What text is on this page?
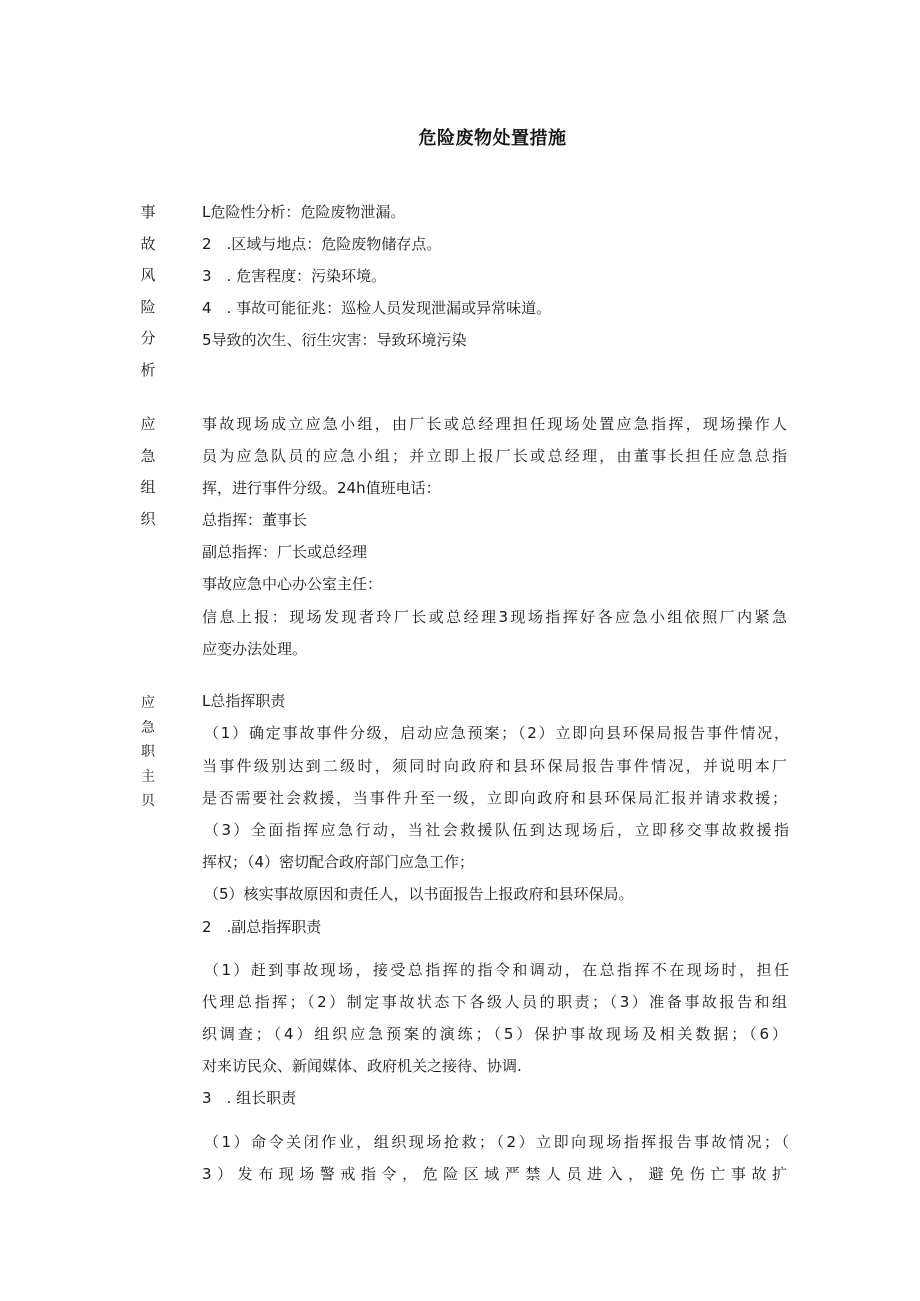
危险废物处置措施
事
故
风
险
分
析
L危险性分析：危险废物泄漏。
2　.区域与地点：危险废物储存点。
3　. 危害程度：污染环境。
4　. 事故可能征兆：巡检人员发现泄漏或异常味道。
5导致的次生、衍生灾害：导致环境污染
应
急
组
织
事故现场成立应急小组，由厂长或总经理担任现场处置应急指挥，现场操作人
员为应急队员的应急小组；并立即上报厂长或总经理，由董事长担任应急总指
挥，进行事件分级。24h值班电话：
总指挥：董事长
副总指挥：厂长或总经理
事故应急中心办公室主任：
信息上报：现场发现者玲厂长或总经理3现场指挥好各应急小组依照厂内紧急
应变办法处理。
应
急
职
主
贝
L总指挥职责
（1）确定事故事件分级，启动应急预案；（2）立即向县环保局报告事件情况，
当事件级别达到二级时，须同时向政府和县环保局报告事件情况，并说明本厂
是否需要社会救援，当事件升至一级，立即向政府和县环保局汇报并请求救援；
（3）全面指挥应急行动，当社会救援队伍到达现场后，立即移交事故救援指
挥权；（4）密切配合政府部门应急工作；
（5）核实事故原因和责任人，以书面报告上报政府和县环保局。
2　.副总指挥职责
（1）赶到事故现场，接受总指挥的指令和调动，在总指挥不在现场时，担任
代理总指挥；（2）制定事故状态下各级人员的职责；（3）准备事故报告和组
织调查；（4）组织应急预案的演练；（5）保护事故现场及相关数据；（6）
对来访民众、新闻媒体、政府机关之接待、协调.
3　. 组长职责
（1）命令关闭作业，组织现场抢救；（2）立即向现场指挥报告事故情况；（
3）发布现场警戒指令，危险区域严禁人员进入，避免伤亡事故扩
